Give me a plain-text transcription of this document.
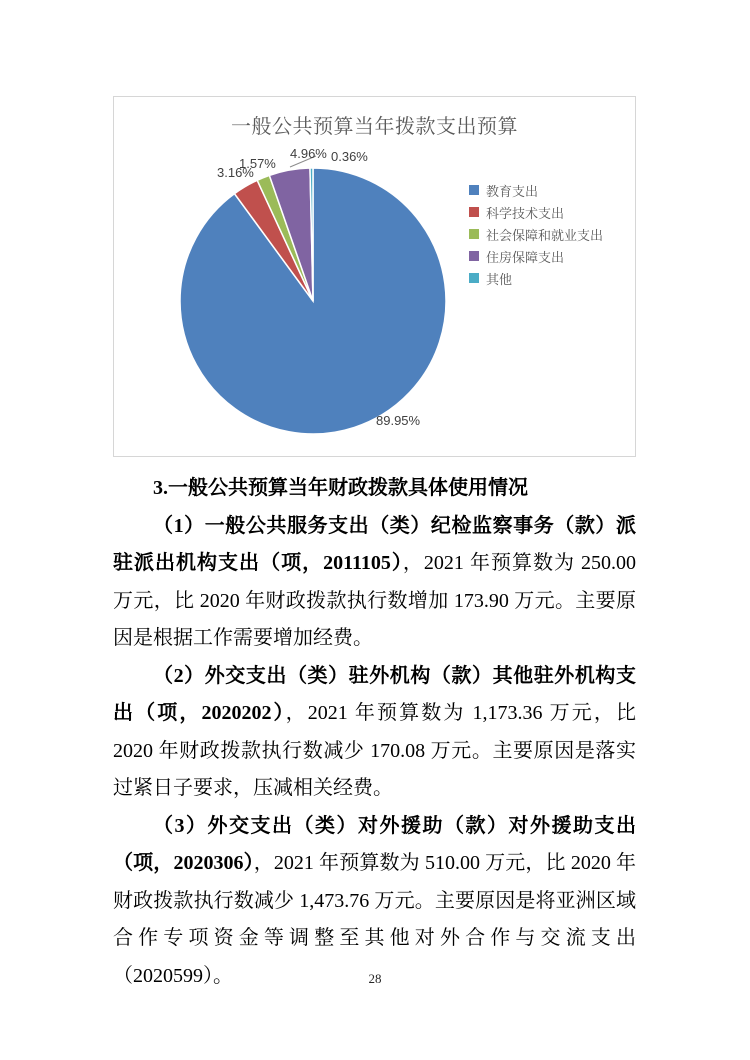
一般公共预算当年拨款支出预算
89.95%
3.16%
1.57%
4.96% 0.36%
教育支出
科学技术支出
社会保障和就业支出
住房保障支出
其他

3.一般公共预算当年财政拨款具体使用情况

（1）一般公共服务支出（类）纪检监察事务（款）派驻派出机构支出（项，2011105），2021 年预算数为 250.00 万元，比 2020 年财政拨款执行数增加 173.90 万元。主要原因是根据工作需要增加经费。

（2）外交支出（类）驻外机构（款）其他驻外机构支出（项，2020202），2021 年预算数为 1,173.36 万元，比 2020 年财政拨款执行数减少 170.08 万元。主要原因是落实过紧日子要求，压减相关经费。

（3）外交支出（类）对外援助（款）对外援助支出（项，2020306），2021 年预算数为 510.00 万元，比 2020 年财政拨款执行数减少 1,473.76 万元。主要原因是将亚洲区域合作专项资金等调整至其他对外合作与交流支出（2020599）。	28
